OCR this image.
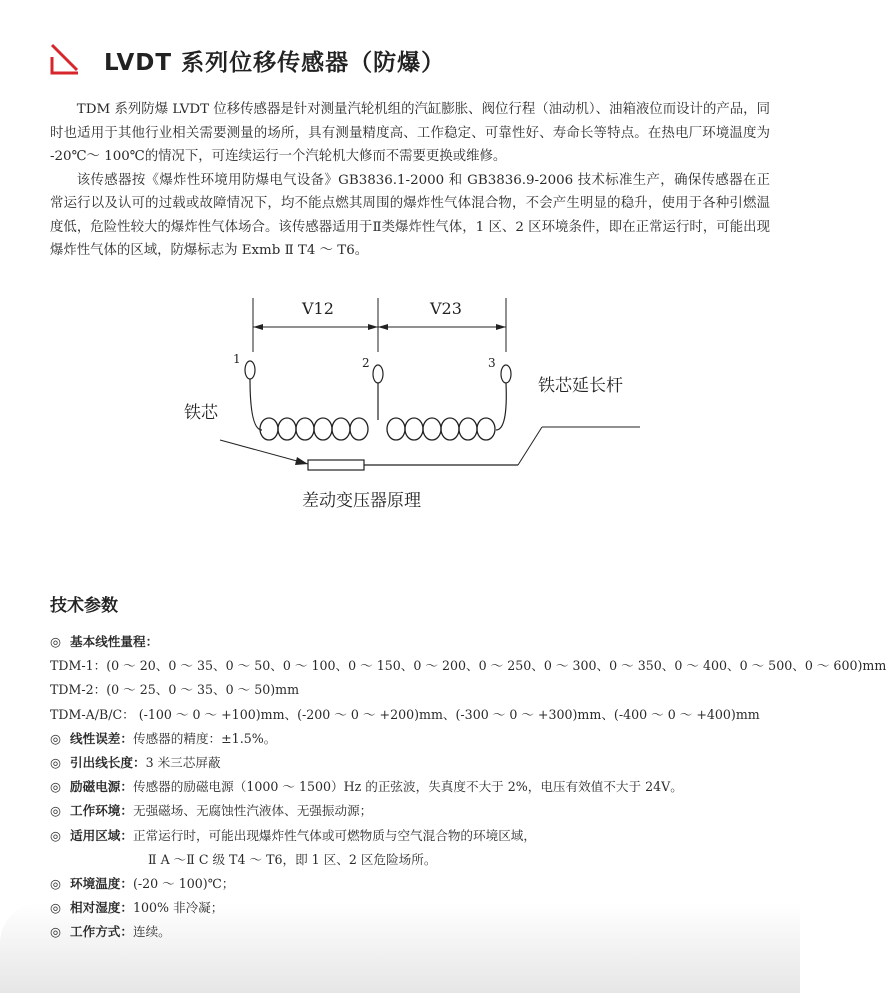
LVDT 系列位移传感器（防爆）

TDM 系列防爆 LVDT 位移传感器是针对测量汽轮机组的汽缸膨胀、阀位行程（油动机）、油箱液位而设计的产品，同时也适用于其他行业相关需要测量的场所，具有测量精度高、工作稳定、可靠性好、寿命长等特点。在热电厂环境温度为 -20℃～ 100℃的情况下，可连续运行一个汽轮机大修而不需要更换或维修。

该传感器按《爆炸性环境用防爆电气设备》GB3836.1-2000 和 GB3836.9-2006 技术标准生产，确保传感器在正常运行以及认可的过载或故障情况下，均不能点燃其周围的爆炸性气体混合物，不会产生明显的稳升，使用于各种引燃温度低，危险性较大的爆炸性气体场合。该传感器适用于Ⅱ类爆炸性气体，1 区、2 区环境条件，即在正常运行时，可能出现爆炸性气体的区域，防爆标志为 Exmb Ⅱ T4 ～ T6。

V12	V23
1	2	3
铁芯
铁芯延长杆
差动变压器原理
技术参数
◎ 基本线性量程：
TDM-1：(0 ～ 20、0 ～ 35、0 ～ 50、0 ～ 100、0 ～ 150、0 ～ 200、0 ～ 250、0 ～ 300、0 ～ 350、0 ～ 400、0 ～ 500、0 ～ 600)mm
TDM-2：(0 ～ 25、0 ～ 35、0 ～ 50)mm
TDM-A/B/C： (-100 ～ 0 ～ +100)mm、(-200 ～ 0 ～ +200)mm、(-300 ～ 0 ～ +300)mm、(-400 ～ 0 ～ +400)mm
◎ 线性误差：传感器的精度：±1.5%。
◎ 引出线长度：3 米三芯屏蔽
◎ 励磁电源：传感器的励磁电源（1000 ～ 1500）Hz 的正弦波，失真度不大于 2%，电压有效值不大于 24V。
◎ 工作环境：无强磁场、无腐蚀性汽液体、无强振动源；
◎ 适用区域：正常运行时，可能出现爆炸性气体或可燃物质与空气混合物的环境区域，
Ⅱ A ～Ⅱ C 级 T4 ～ T6，即 1 区、2 区危险场所。
◎ 环境温度：(-20 ～ 100)℃；
◎ 相对湿度：100% 非冷凝；
◎ 工作方式：连续。
